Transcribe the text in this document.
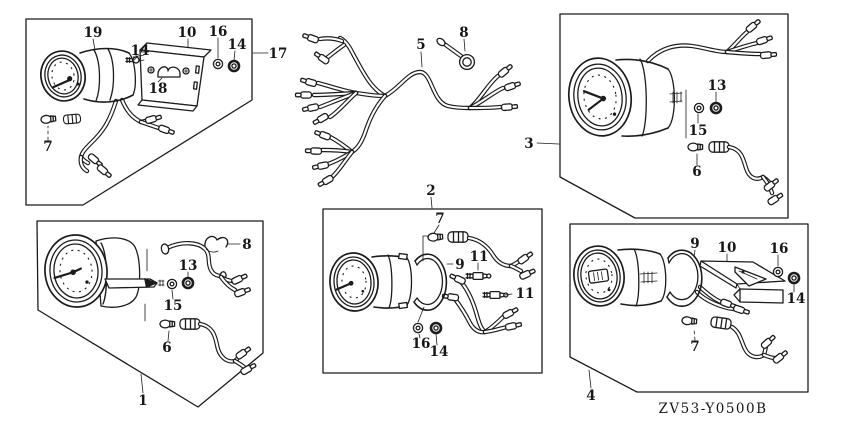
19
14
10 16
14
17
18
7
5
8
3
13
15
6
8
13
15
6
1
2
7
9 11
11
16 14
9 10 16
14
7
4
ZV53-Y0500B
